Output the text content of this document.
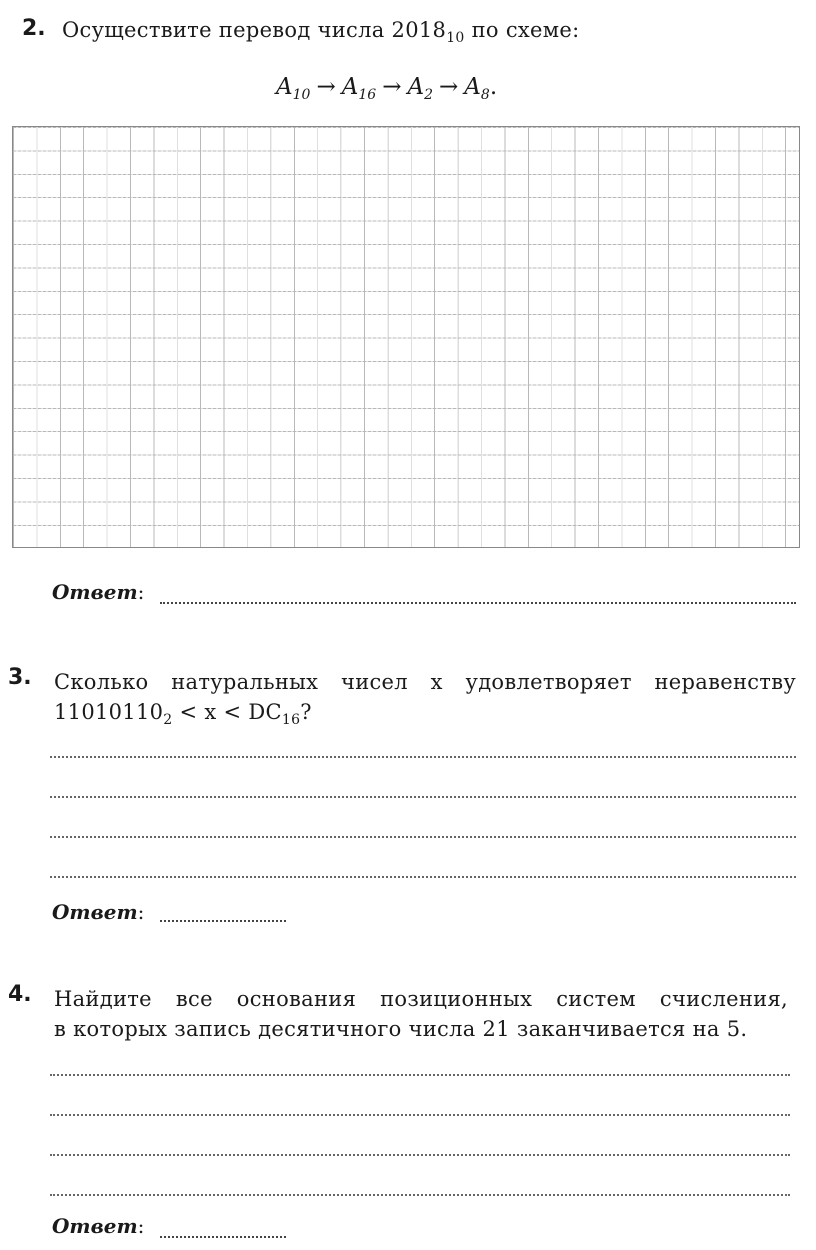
2. Осуществите перевод числа $2018_{10}$ по схеме:
$A_{10} \to A_{16} \to A_2 \to A_8$.
Ответ:
3. Сколько натуральных чисел x удовлетворяет неравенству
$11010110_2 < x < DC_{16}$?
Ответ:
4. Найдите все основания позиционных систем счисления,
в которых запись десятичного числа 21 заканчивается на 5.
Ответ:
